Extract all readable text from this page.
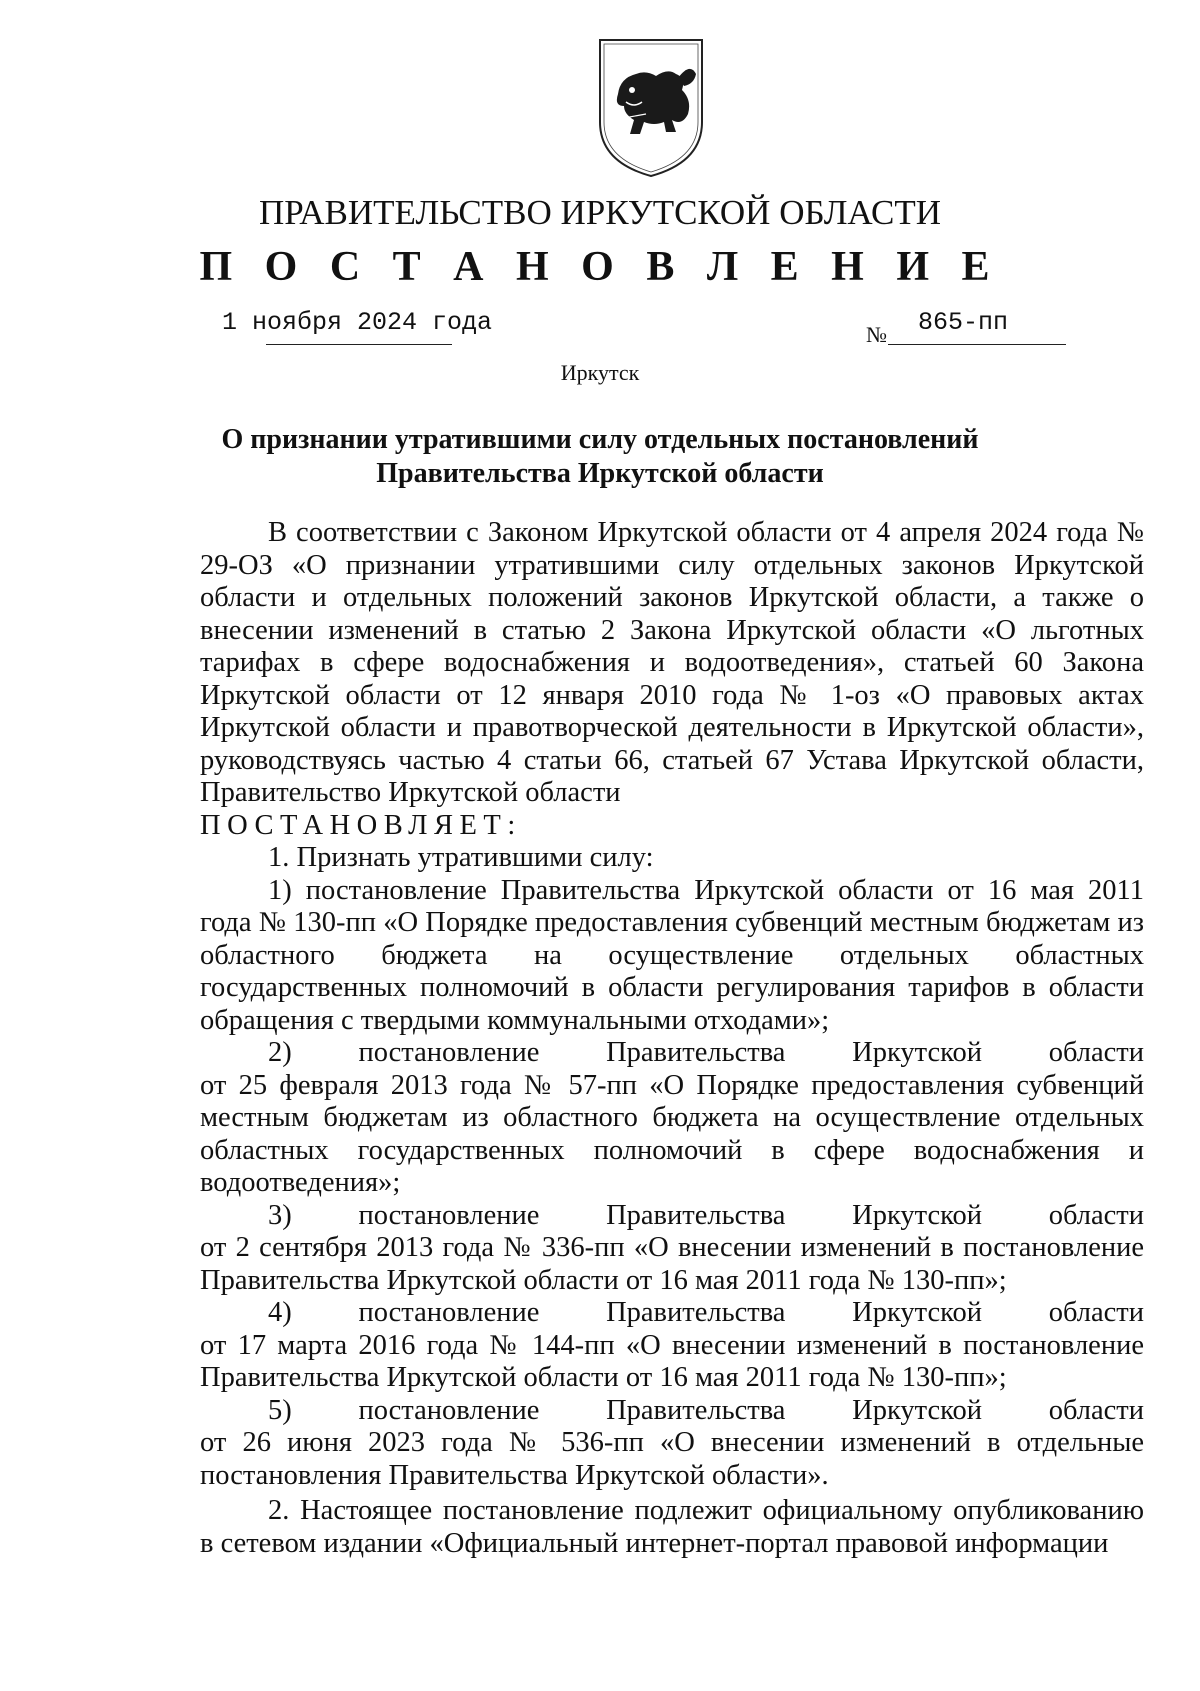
ПРАВИТЕЛЬСТВО ИРКУТСКОЙ ОБЛАСТИ
П О С Т А Н О В Л Е Н И Е
1 ноября 2024 года	№ 865-пп
Иркутск
О признании утратившими силу отдельных постановлений
Правительства Иркутской области

В соответствии с Законом Иркутской области от 4 апреля 2024 года № 29-ОЗ «О признании утратившими силу отдельных законов Иркутской области и отдельных положений законов Иркутской области, а также о внесении изменений в статью 2 Закона Иркутской области «О льготных тарифах в сфере водоснабжения и водоотведения», статьей 60 Закона Иркутской области от 12 января 2010 года № 1-оз «О правовых актах Иркутской области и правотворческой деятельности в Иркутской области», руководствуясь частью 4 статьи 66, статьей 67 Устава Иркутской области, Правительство Иркутской области

ПОСТАНОВЛЯЕТ:

1. Признать утратившими силу:

1) постановление Правительства Иркутской области от 16 мая 2011 года № 130-пп «О Порядке предоставления субвенций местным бюджетам из областного бюджета на осуществление отдельных областных государственных полномочий в области регулирования тарифов в области обращения с твердыми коммунальными отходами»;

2) постановление Правительства Иркутской области

от 25 февраля 2013 года № 57-пп «О Порядке предоставления субвенций местным бюджетам из областного бюджета на осуществление отдельных областных государственных полномочий в сфере водоснабжения и водоотведения»;

3) постановление Правительства Иркутской области

от 2 сентября 2013 года № 336-пп «О внесении изменений в постановление Правительства Иркутской области от 16 мая 2011 года № 130-пп»;

4) постановление Правительства Иркутской области

от 17 марта 2016 года № 144-пп «О внесении изменений в постановление Правительства Иркутской области от 16 мая 2011 года № 130-пп»;

5) постановление Правительства Иркутской области

от 26 июня 2023 года № 536-пп «О внесении изменений в отдельные постановления Правительства Иркутской области».

2. Настоящее постановление подлежит официальному опубликованию в сетевом издании «Официальный интернет-портал правовой информации
